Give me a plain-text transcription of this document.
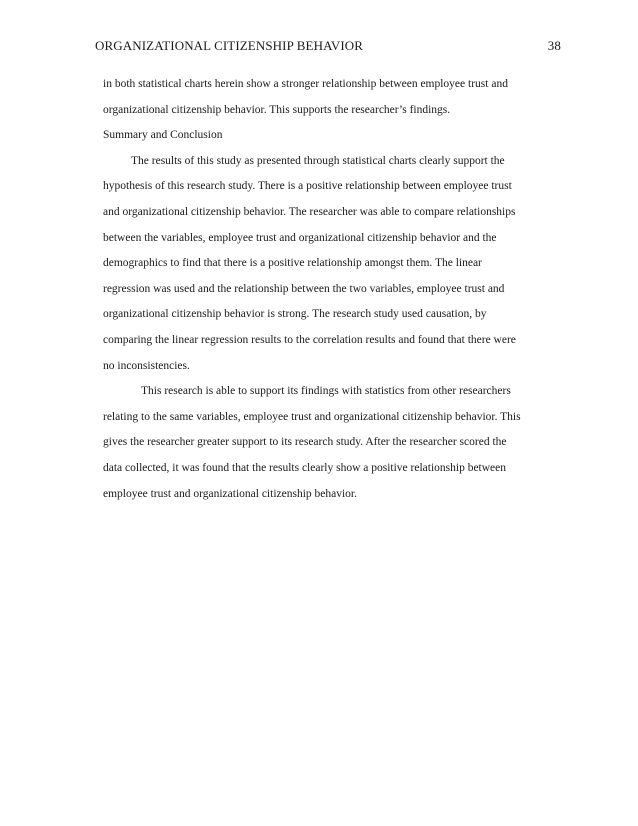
ORGANIZATIONAL CITIZENSHIP BEHAVIOR	38
in both statistical charts herein show a stronger relationship between employee trust and
organizational citizenship behavior. This supports the researcher’s findings.
Summary and Conclusion
The results of this study as presented through statistical charts clearly support the
hypothesis of this research study. There is a positive relationship between employee trust
and organizational citizenship behavior. The researcher was able to compare relationships
between the variables, employee trust and organizational citizenship behavior and the
demographics to find that there is a positive relationship amongst them. The linear
regression was used and the relationship between the two variables, employee trust and
organizational citizenship behavior is strong. The research study used causation, by
comparing the linear regression results to the correlation results and found that there were
no inconsistencies.
This research is able to support its findings with statistics from other researchers
relating to the same variables, employee trust and organizational citizenship behavior. This
gives the researcher greater support to its research study. After the researcher scored the
data collected, it was found that the results clearly show a positive relationship between
employee trust and organizational citizenship behavior.
